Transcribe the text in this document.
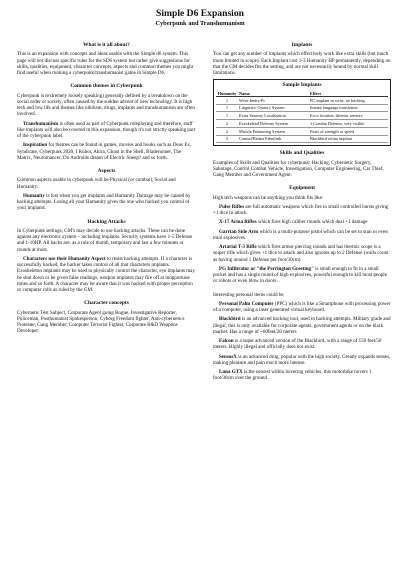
Simple D6 Expansion
Cyberpunk and Transhumanism
What is it all about?

This is an expansion with concepts and ideas usable with the Simple d6 system. This page will not discuss specific rules for the SD6 system but rather give suggestions for skills, qualities, equipment, character concepts, aspects and common themes you might find useful when running a cyberpunk/transhumanist game in Simple D6.

Common themes in Cyberpunk

Cyberpunk is (extremely loosely speaking) generally defined by a breakdown on the social order or society, often caused by the sudden advent of new technology. It is high tech and low life and themes like nihilism, drugs, implants and transhumanism are often involved.

Transhumanism is often used as part of Cyberpunk roleplaying and therefore, stuff like implants will also be covered in this expansion, though it's not strictly speaking part of the cyberpunk label.

Inspiration for themes can be found in games, movies and books such as Deus Ex, Syndicate, Cyberpunk 2020, I Robot, Akira, Ghost in the Shell, Bladerunner, The Matrix, Neuromancer, Do Androids dream of Electric Sheep? and so forth.

Aspects

Common aspects usable in cyberpunk will be Physical (or combat), Social and Humanity.

Humanity is lost when you get implants and Humanity Damage may be caused by hacking attempts. Losing all your Humanity gives the one who hacked you control of your implants.

Hacking Attacks

In Cyberpunk settings, GM's may decide to use hacking attacks. These can be done against any electronic system – including implants. Security systems have 1-5 Defense and 1-10HP. All hacks are, as a rule of thumb, temporary and last a few minutes or rounds at most.

Characters use their Humanity Aspect to resist hacking attempts. If a character is successfully hacked, the hacker takes control of all that characters implants. Exoskeleton implants may be used to physically control the character, eye implants may be shut down or be given false readings, weapon implants may fire off at inopportune times and so forth. A character may be aware that it was hacked with proper perception or computer rolls as ruled by the GM.

Character concepts

Cybernetic Test Subject, Corporate Agent going Rogue, Investigative Reporter, Policeman, Posthumanist Spokesperson, Cyborg Freedom fighter, Anti-cybernetics Protester, Gang Member, Computer Terrorist Fighter, Corporate R&D Weapons Developer.

Implants

You can get any number of implants which effectively work like extra skills (but much more limited in scope). Each Implant cost 1-3 Humanity HP permanently, depending on that the GM decides fits the setting, and are not necessarily bound by normal skill limitations.

Sample Implants
Humanity	Name	Effect
1	Wrist-Index-Pc	PC implant in wrist, no hacking
1	Linguistic Oratory System	Instant language translation
1	Extra Sensory Localization	Ecco location, thermic sensors
2	Exoskeletal Defense System	1 Combat Defense, very visible
2	Muscle Enhancing System	Feats of strength or speed
3	Cranial/Retina Etherlink	Blackbird retina implant
Skills and Qualities

Examples of Skills and Qualities for cyberpunk: Hacking, Cybernetic Surgery, Sabotage, Control Combat Vehicle, Investigation, Computer Engineering, Car Thief, Gang Member and Government Agent.

Equipment

High tech weapons can be anything you think fits like:

Pulse Rifles are full automatic weapons which fire in small controlled bursts giving +1 dice to attack.

X-17 Arma Rifles which fires high caliber rounds which deal +1 damage

Garrian Side Arm which is a multi-purpose pistol which can be set to stun or even mini explosives.

Artarial T-3 Rifle which fires armor piercing rounds and has thermic scope is a sniper rifle which gives +1 dice to attack and also ignores up to 2 Defense (walls count as having around 1 Defense per foot/30cm)

PG Infiltrator or "the Perrington Greeting" is small enough to fit in a small pocket and has a single round of high explosives, powerful enough to kill most people or robots or even blow in doors.

Interesting personal items could be

Personal Palm Computer (PPC) which is like a Smartphone with processing power of a computer, using a laser generated virtual keyboard.

Blackbird is an advanced hacking tool, used in hacking attempts. Military grade and illegal, this is only available for corporate agents, government agents or on the black market. Has a range of ~60feet/20 meters

Falcon is a super advanced version of the Blackbird, with a range of 150 feet/50 meters. Highly illegal and officially does not exist.

SensosX is an advanced drug, popular with the high society. Greatly expands senses, making pleasure and pain much more intense.

Luna GTX is the newest within hovering vehicles, this motorbike hovers 1 foot/30cm over the ground.
